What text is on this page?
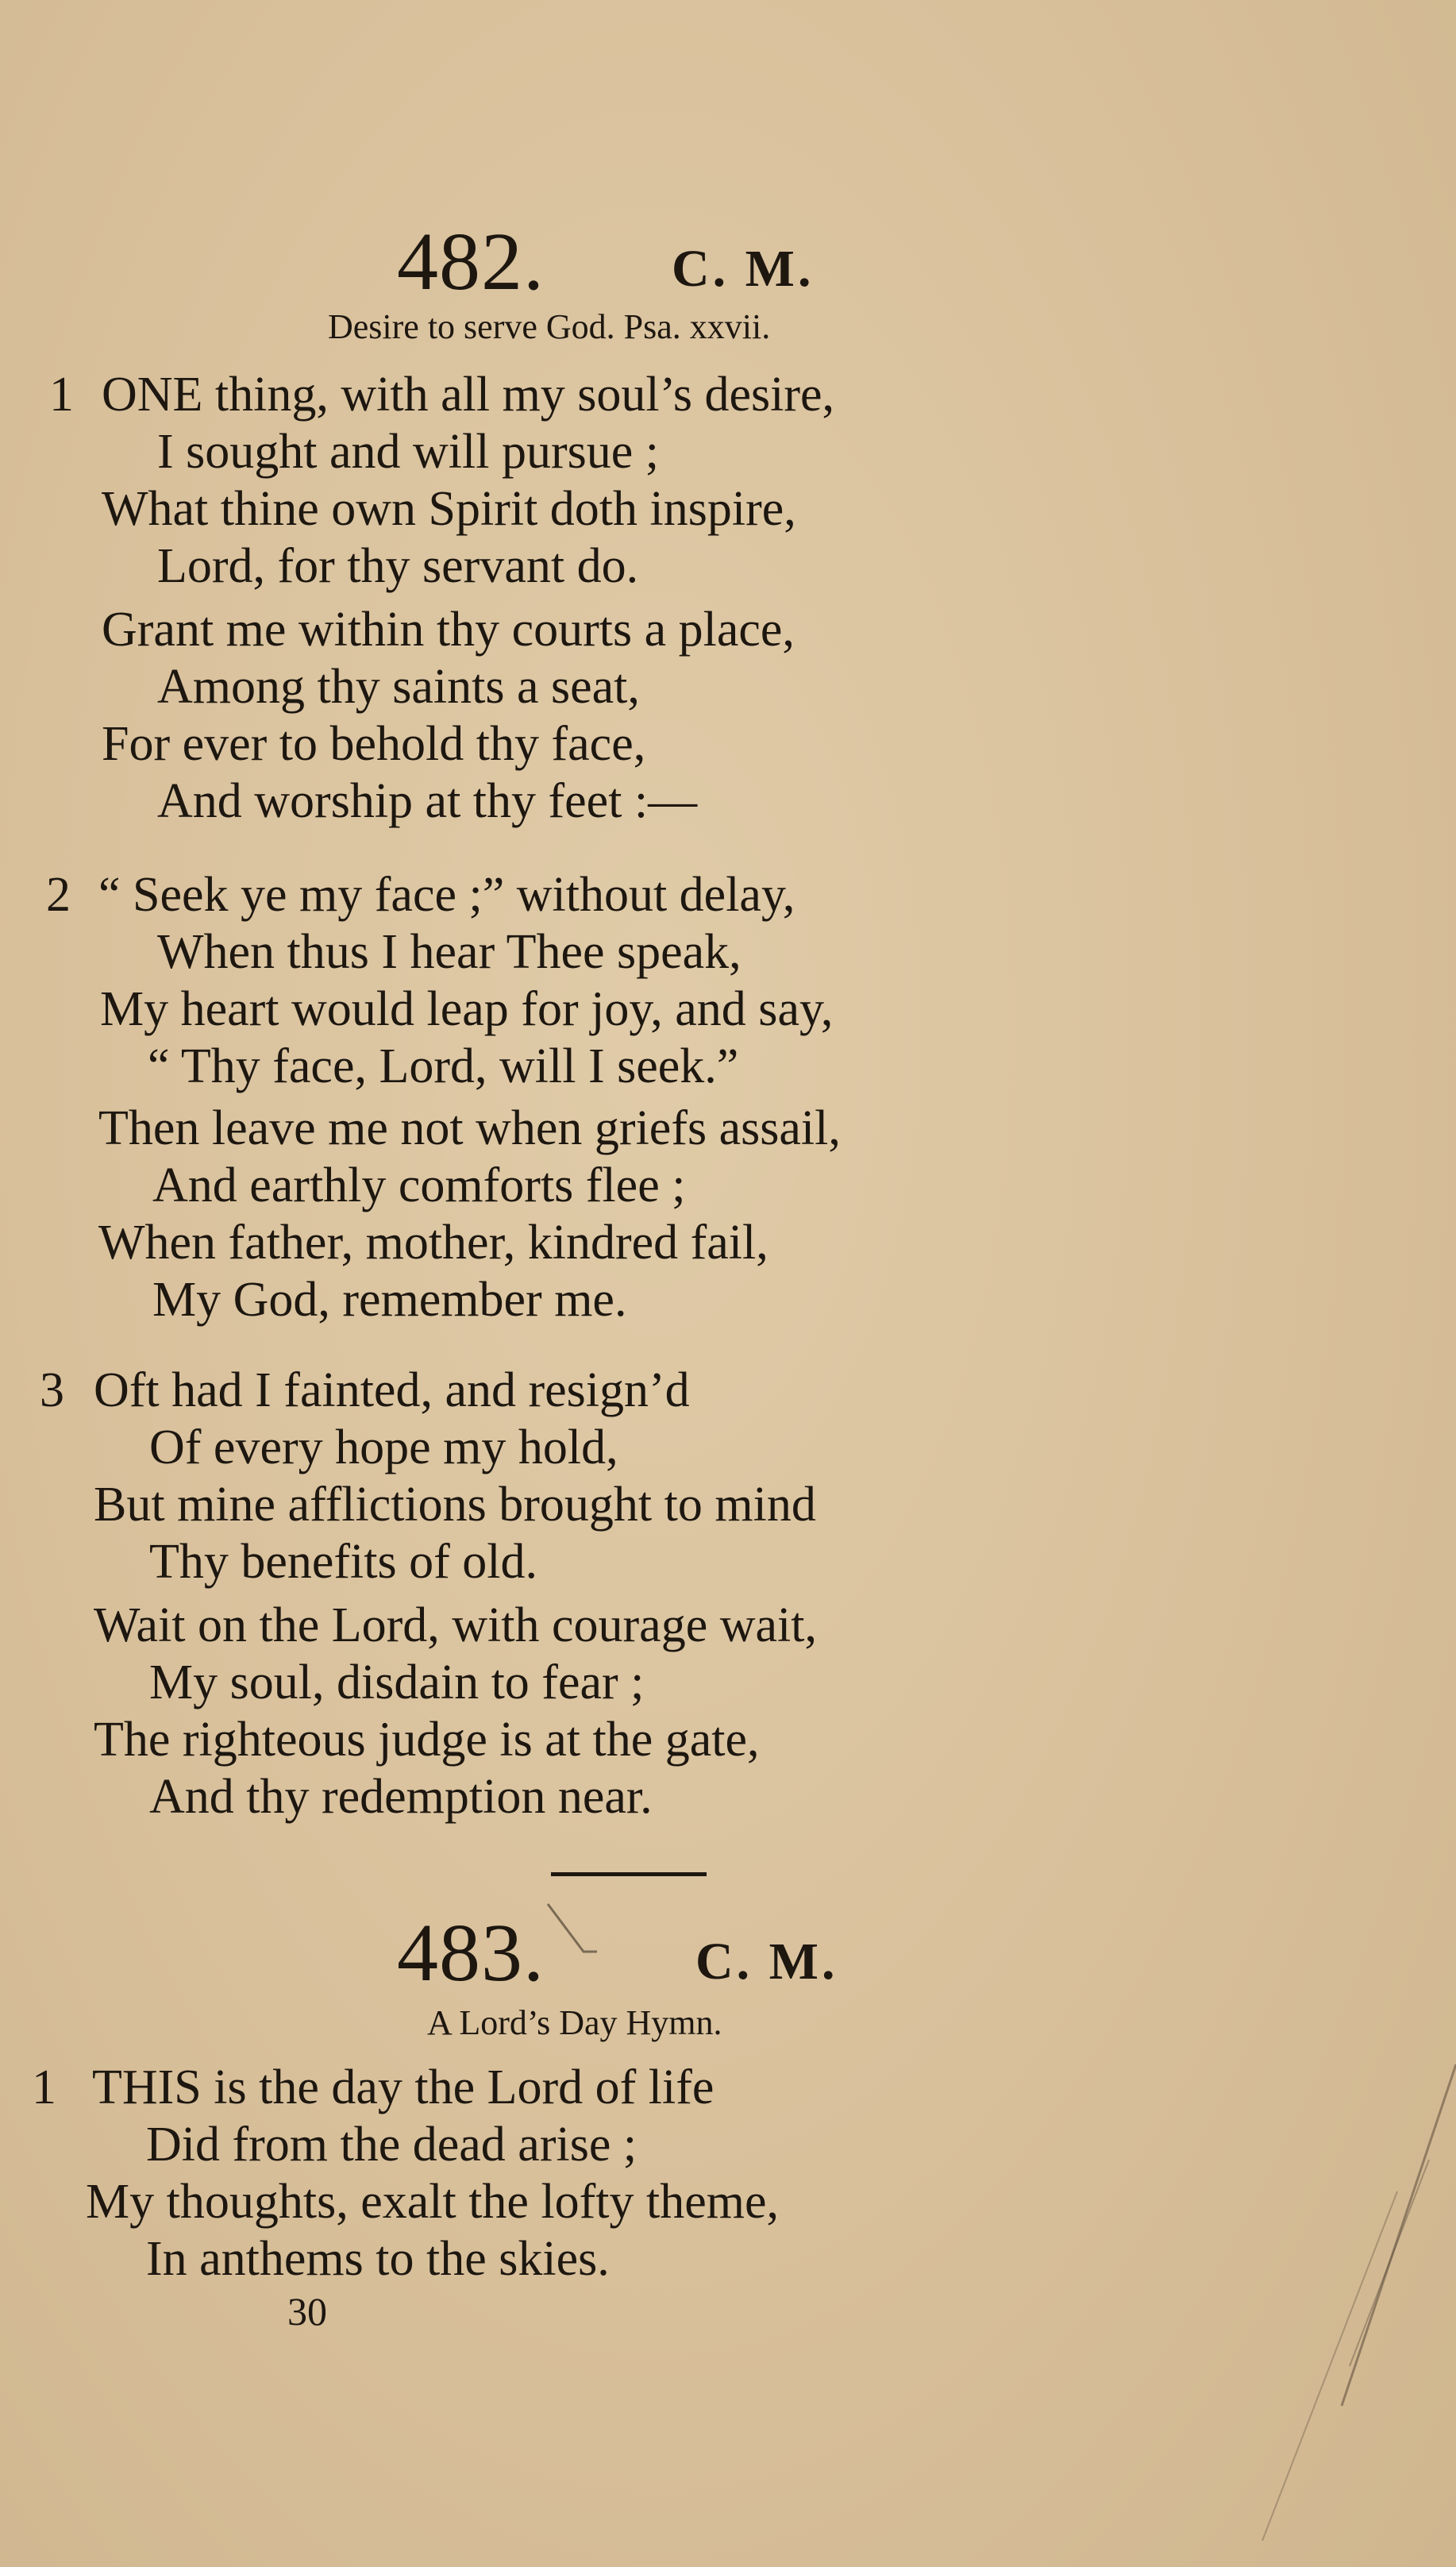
482. C. M.
Desire to serve God. Psa. xxvii.
1 ONE thing, with all my soul’s desire,
I sought and will pursue ;
What thine own Spirit doth inspire,
Lord, for thy servant do.
Grant me within thy courts a place,
Among thy saints a seat,
For ever to behold thy face,
And worship at thy feet :—
2 “ Seek ye my face ;” without delay,
When thus I hear Thee speak,
My heart would leap for joy, and say,
“ Thy face, Lord, will I seek.”
Then leave me not when griefs assail,
And earthly comforts flee ;
When father, mother, kindred fail,
My God, remember me.
3 Oft had I fainted, and resign’d
Of every hope my hold,
But mine afflictions brought to mind
Thy benefits of old.
Wait on the Lord, with courage wait,
My soul, disdain to fear ;
The righteous judge is at the gate,
And thy redemption near.
483.	C. M.
A Lord’s Day Hymn.
1 THIS is the day the Lord of life
Did from the dead arise ;
My thoughts, exalt the lofty theme,
In anthems to the skies.
30
